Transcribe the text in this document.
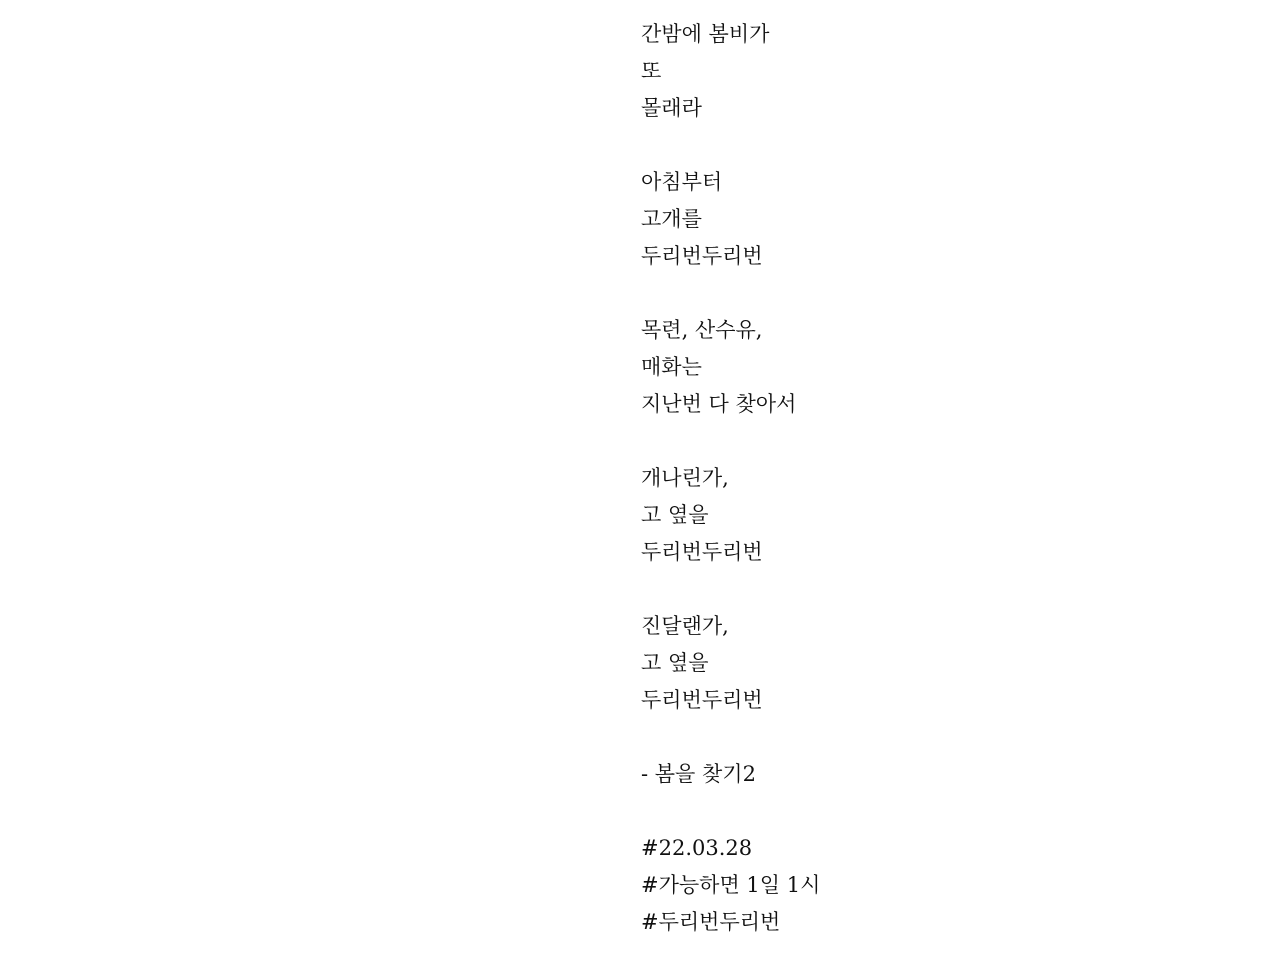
간밤에 봄비가
또
몰래라
아침부터
고개를
두리번두리번
목련, 산수유,
매화는
지난번 다 찾아서
개나린가,
고 옆을
두리번두리번
진달랜가,
고 옆을
두리번두리번
- 봄을 찾기2
#22.03.28
#가능하면 1일 1시
#두리번두리번
